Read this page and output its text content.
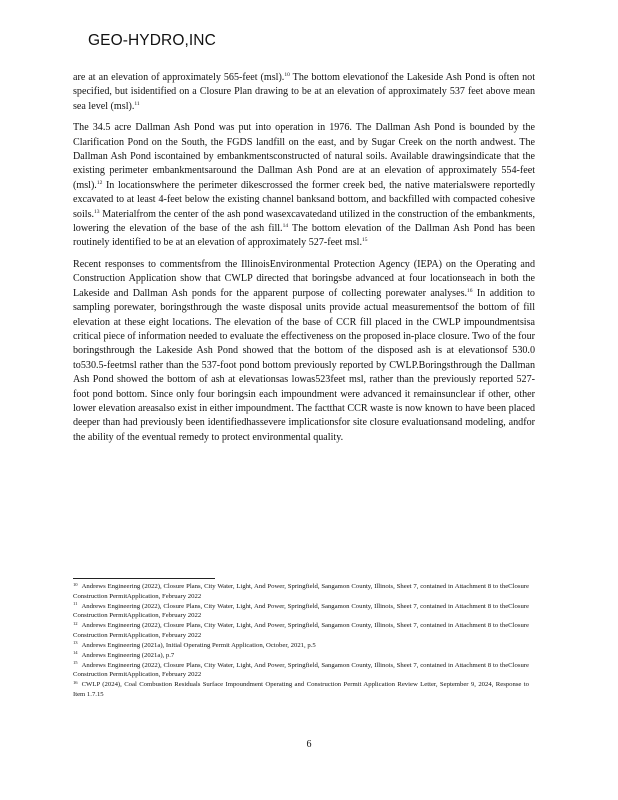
GEO-HYDRO,INC

are at an elevation of approximately 565-feet (msl).$^{10}$ The bottom elevationof the Lakeside Ash Pond is often not specified, but isidentified on a Closure Plan drawing to be at an elevation of approximately 537 feet above mean sea level (msl).$^{11}$

The 34.5 acre Dallman Ash Pond was put into operation in 1976. The Dallman Ash Pond is bounded by the Clarification Pond on the South, the FGDS landfill on the east, and by Sugar Creek on the north andwest. The Dallman Ash Pond iscontained by embankmentsconstructed of natural soils. Available drawingsindicate that the existing perimeter embankmentsaround the Dallman Ash Pond are at an elevation of approximately 554-feet (msl).$^{12}$ In locationswhere the perimeter dikescrossed the former creek bed, the native materialswere reportedly excavated to at least 4-feet below the existing channel banksand bottom, and backfilled with compacted cohesive soils.$^{13}$ Materialfrom the center of the ash pond wasexcavatedand utilized in the construction of the embankments, lowering the elevation of the base of the ash fill.$^{14}$ The bottom elevation of the Dallman Ash Pond has been routinely identified to be at an elevation of approximately 527-feet msl.$^{15}$

Recent responses to commentsfrom the IllinoisEnvironmental Protection Agency (IEPA) on the Operating and Construction Application show that CWLP directed that boringsbe advanced at four locationseach in both the Lakeside and Dallman Ash ponds for the apparent purpose of collecting porewater analyses.$^{16}$ In addition to sampling porewater, boringsthrough the waste disposal units provide actual measurementsof the bottom of fill elevation at these eight locations. The elevation of the base of CCR fill placed in the CWLP impoundmentsisa critical piece of information needed to evaluate the effectiveness on the proposed in-place closure. Two of the four boringsthrough the Lakeside Ash Pond showed that the bottom of the disposed ash is at elevationsof 530.0 to530.5-feetmsl rather than the 537-foot pond bottom previously reported by CWLP.Boringsthrough the Dallman Ash Pond showed the bottom of ash at elevationsas lowas523feet msl, rather than the previously reported 527-foot pond bottom. Since only four boringsin each impoundment were advanced it remainsunclear if other, other lower elevation areasalso exist in either impoundment. The factthat CCR waste is now known to have been placed deeper than had previously been identifiedhassevere implicationsfor site closure evaluationsand modeling, andfor the ability of the eventual remedy to protect environmental quality.

$^{10}$ Andrews Engineering (2022), Closure Plans, City Water, Light, And Power, Springfield, Sangamon County, Illinois, Sheet 7, contained in Attachment 8 to theClosure Construction PermitApplication, February 2022
$^{11}$ Andrews Engineering (2022), Closure Plans, City Water, Light, And Power, Springfield, Sangamon County, Illinois, Sheet 7, contained in Attachment 8 to theClosure Construction PermitApplication, February 2022
$^{12}$ Andrews Engineering (2022), Closure Plans, City Water, Light, And Power, Springfield, Sangamon County, Illinois, Sheet 7, contained in Attachment 8 to theClosure Construction PermitApplication, February 2022
$^{13}$ Andrews Engineering (2021a), Initial Operating Permit Application, October, 2021, p.5
$^{14}$ Andrews Engineering (2021a), p.7
$^{15}$ Andrews Engineering (2022), Closure Plans, City Water, Light, And Power, Springfield, Sangamon County, Illinois, Sheet 7, contained in Attachment 8 to theClosure Construction PermitApplication, February 2022
$^{16}$ CWLP (2024), Coal Combustion Residuals Surface Impoundment Operating and Construction Permit Application Review Letter, September 9, 2024, Response to Item 1.7.15
6
